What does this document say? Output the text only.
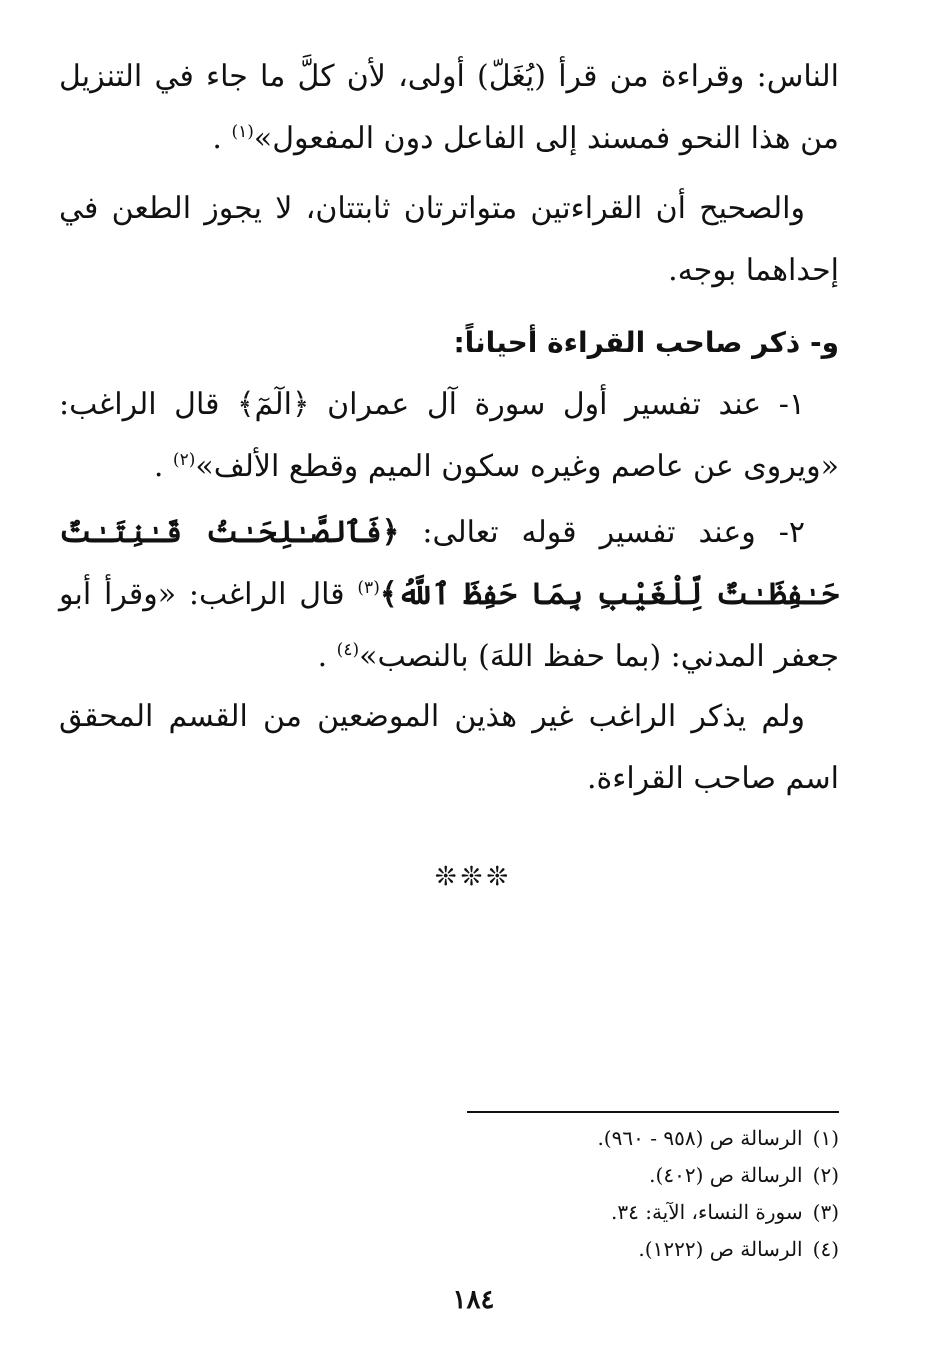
الناس: وقراءة من قرأ (يُغَلّ) أولى، لأن كلَّ ما جاء في التنزيل من هذا النحو فمسند إلى الفاعل دون المفعول»$^{(١)}$ .

والصحيح أن القراءتين متواترتان ثابتتان، لا يجوز الطعن في إحداهما بوجه.

و- ذكر صاحب القراءة أحياناً:

١- عند تفسير أول سورة آل عمران ﴿الٓمٓ﴾ قال الراغب: «ويروى عن عاصم وغيره سكون الميم وقطع الألف»$^{(٢)}$ .

٢- وعند تفسير قوله تعالى: ﴿فَٱلصَّـٰلِحَـٰتُ قَـٰنِتَـٰتٌ حَـٰفِظَـٰتٌ لِّلْغَيْبِ بِمَا حَفِظَ ٱللَّهُ﴾$^{(٣)}$ قال الراغب: «وقرأ أبو جعفر المدني: (بما حفظ اللهَ) بالنصب»$^{(٤)}$ .

ولم يذكر الراغب غير هذين الموضعين من القسم المحقق اسم صاحب القراءة.

❊❊❊
(١)الرسالة ص (٩٥٨ - ٩٦٠).
(٢)الرسالة ص (٤٠٢).
(٣)سورة النساء، الآية: ٣٤.
(٤)الرسالة ص (١٢٢٢).
١٨٤
